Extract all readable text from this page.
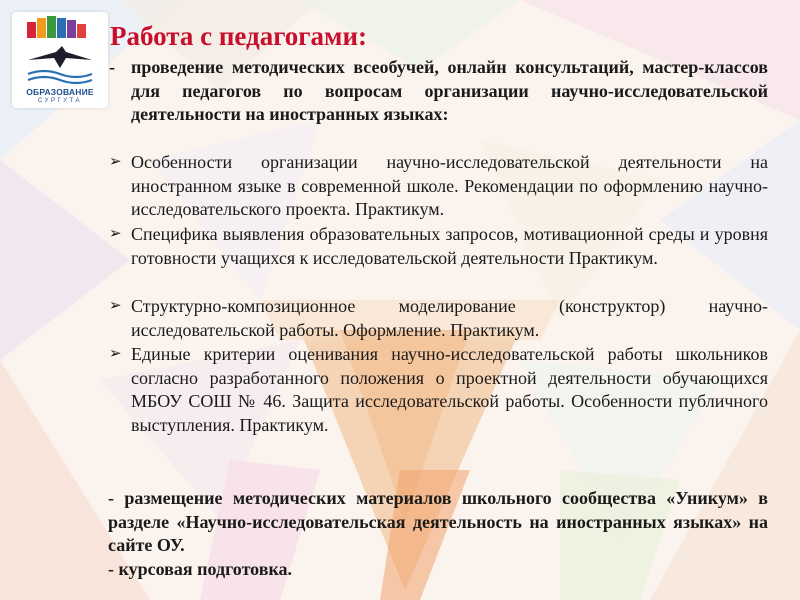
ОБРАЗОВАНИЕ
СУРГУТА
Работа с педагогами:
- проведение методических всеобучей, онлайн консультаций, мастер-классов для педагогов по вопросам организации научно-исследовательской деятельности на иностранных языках:
➢ Особенности организации научно-исследовательской деятельности на иностранном языке в современной школе. Рекомендации по оформлению научно-исследовательского проекта. Практикум.
➢ Специфика выявления образовательных запросов, мотивационной среды и уровня готовности учащихся к исследовательской деятельности Практикум.
➢ Структурно-композиционное моделирование (конструктор) научно-исследовательской работы. Оформление. Практикум.
➢ Единые критерии оценивания научно-исследовательской работы школьников согласно разработанного положения о проектной деятельности обучающихся МБОУ СОШ № 46. Защита исследовательской работы. Особенности публичного выступления. Практикум.
- размещение методических материалов школьного сообщества «Уникум» в разделе «Научно-исследовательская деятельность на иностранных языках» на сайте ОУ.
- курсовая подготовка.
